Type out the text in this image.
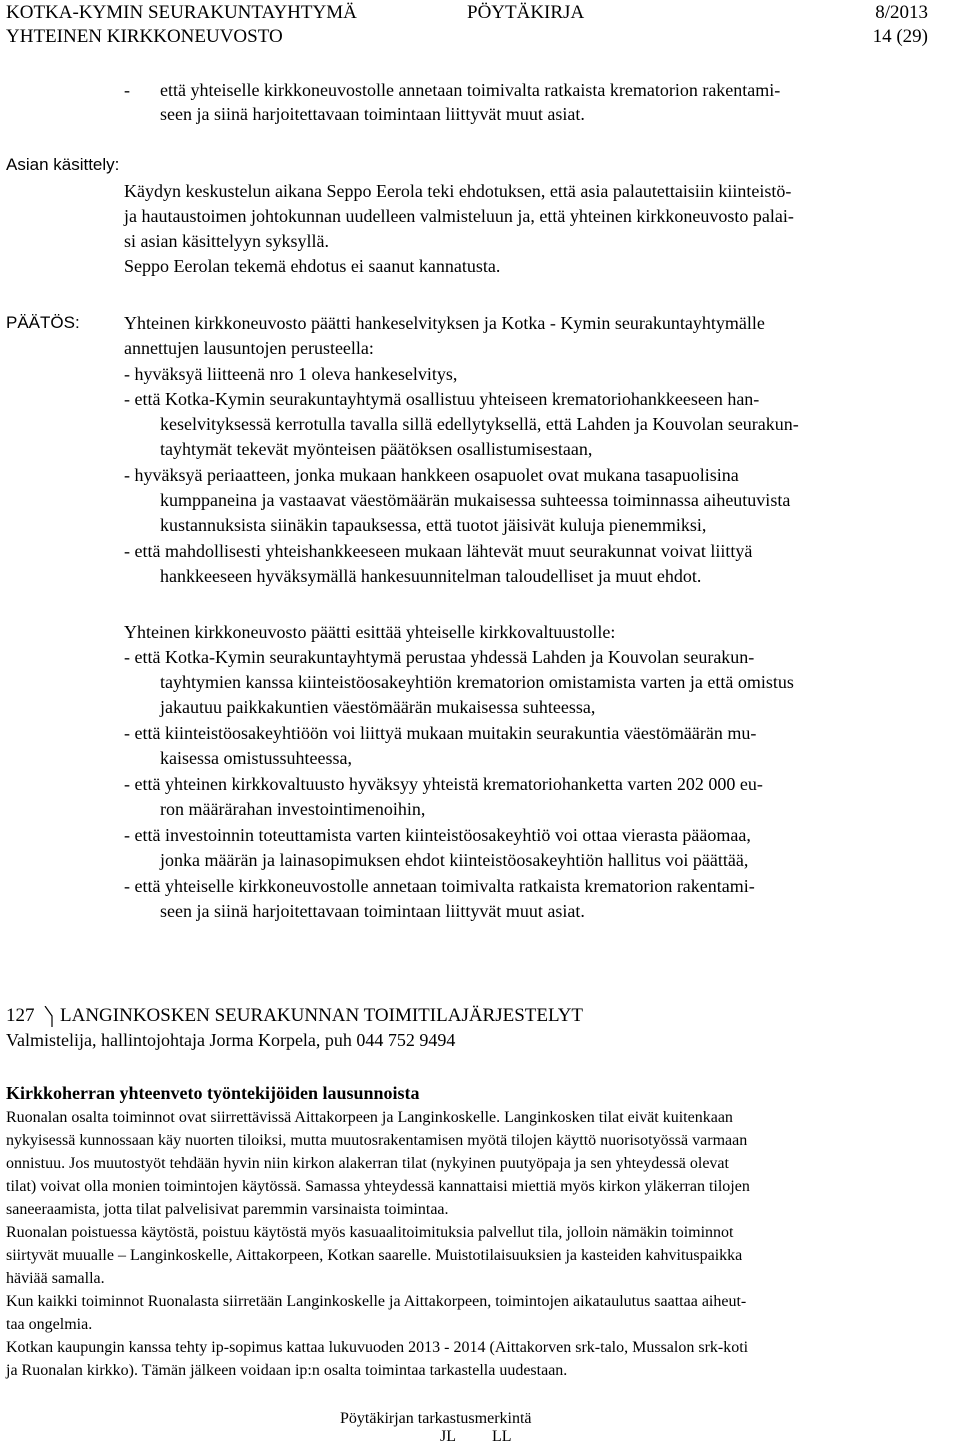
KOTKA-KYMIN SEURAKUNTAYHTYMÄ	PÖYTÄKIRJA	8/2013
YHTEINEN KIRKKONEUVOSTO	14 (29)
- että yhteiselle kirkkoneuvostolle annetaan toimivalta ratkaista krematorion rakentami-
seen ja siinä harjoitettavaan toimintaan liittyvät muut asiat.
Asian käsittely:
Käydyn keskustelun aikana Seppo Eerola teki ehdotuksen, että asia palautettaisiin kiinteistö-
ja hautaustoimen johtokunnan uudelleen valmisteluun ja, että yhteinen kirkkoneuvosto palai-
si asian käsittelyyn syksyllä.
Seppo Eerolan tekemä ehdotus ei saanut kannatusta.
PÄÄTÖS: Yhteinen kirkkoneuvosto päätti hankeselvityksen ja Kotka - Kymin seurakuntayhtymälle
annettujen lausuntojen perusteella:
- hyväksyä liitteenä nro 1 oleva hankeselvitys,
- että Kotka-Kymin seurakuntayhtymä osallistuu yhteiseen krematoriohankkeeseen han-
keselvityksessä kerrotulla tavalla sillä edellytyksellä, että Lahden ja Kouvolan seurakun-
tayhtymät tekevät myönteisen päätöksen osallistumisestaan,
- hyväksyä periaatteen, jonka mukaan hankkeen osapuolet ovat mukana tasapuolisina
kumppaneina ja vastaavat väestömäärän mukaisessa suhteessa toiminnassa aiheutuvista
kustannuksista siinäkin tapauksessa, että tuotot jäisivät kuluja pienemmiksi,
- että mahdollisesti yhteishankkeeseen mukaan lähtevät muut seurakunnat voivat liittyä
hankkeeseen hyväksymällä hankesuunnitelman taloudelliset ja muut ehdot.
Yhteinen kirkkoneuvosto päätti esittää yhteiselle kirkkovaltuustolle:
- että Kotka-Kymin seurakuntayhtymä perustaa yhdessä Lahden ja Kouvolan seurakun-
tayhtymien kanssa kiinteistöosakeyhtiön krematorion omistamista varten ja että omistus
jakautuu paikkakuntien väestömäärän mukaisessa suhteessa,
- että kiinteistöosakeyhtiöön voi liittyä mukaan muitakin seurakuntia väestömäärän mu-
kaisessa omistussuhteessa,
- että yhteinen kirkkovaltuusto hyväksyy yhteistä krematoriohanketta varten 202 000 eu-
ron määrärahan investointimenoihin,
- että investoinnin toteuttamista varten kiinteistöosakeyhtiö voi ottaa vierasta pääomaa,
jonka määrän ja lainasopimuksen ehdot kiinteistöosakeyhtiön hallitus voi päättää,
- että yhteiselle kirkkoneuvostolle annetaan toimivalta ratkaista krematorion rakentami-
seen ja siinä harjoitettavaan toimintaan liittyvät muut asiat.
127 LANGINKOSKEN SEURAKUNNAN TOIMITILAJÄRJESTELYT
Valmistelija, hallintojohtaja Jorma Korpela, puh 044 752 9494
Kirkkoherran yhteenveto työntekijöiden lausunnoista
Ruonalan osalta toiminnot ovat siirrettävissä Aittakorpeen ja Langinkoskelle. Langinkosken tilat eivät kuitenkaan
nykyisessä kunnossaan käy nuorten tiloiksi, mutta muutosrakentamisen myötä tilojen käyttö nuorisotyössä varmaan
onnistuu. Jos muutostyöt tehdään hyvin niin kirkon alakerran tilat (nykyinen puutyöpaja ja sen yhteydessä olevat
tilat) voivat olla monien toimintojen käytössä. Samassa yhteydessä kannattaisi miettiä myös kirkon yläkerran tilojen
saneeraamista, jotta tilat palvelisivat paremmin varsinaista toimintaa.
Ruonalan poistuessa käytöstä, poistuu käytöstä myös kasuaalitoimituksia palvellut tila, jolloin nämäkin toiminnot
siirtyvät muualle – Langinkoskelle, Aittakorpeen, Kotkan saarelle. Muistotilaisuuksien ja kasteiden kahvituspaikka
häviää samalla.
Kun kaikki toiminnot Ruonalasta siirretään Langinkoskelle ja Aittakorpeen, toimintojen aikataulutus saattaa aiheut-
taa ongelmia.
Kotkan kaupungin kanssa tehty ip-sopimus kattaa lukuvuoden 2013 - 2014 (Aittakorven srk-talo, Mussalon srk-koti
ja Ruonalan kirkko). Tämän jälkeen voidaan ip:n osalta toimintaa tarkastella uudestaan.
Pöytäkirjan tarkastusmerkintä
JL LL
